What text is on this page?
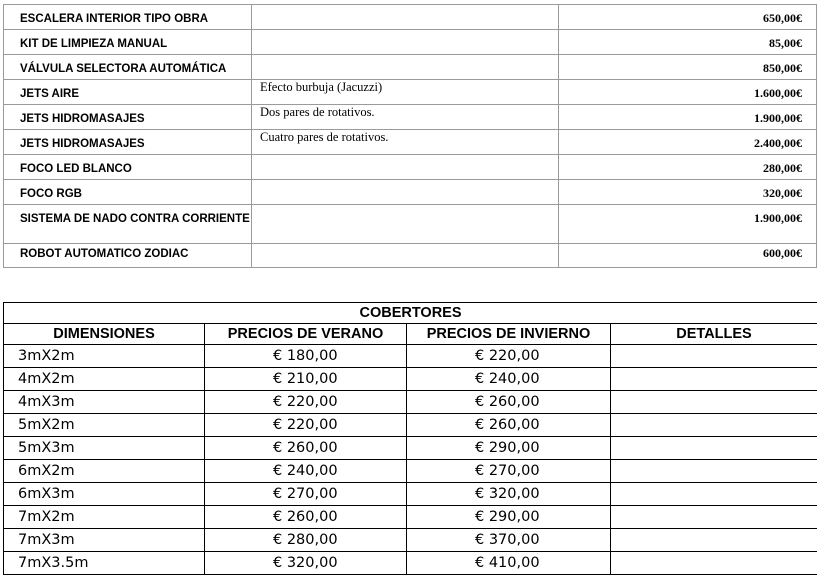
ESCALERA INTERIOR TIPO OBRA		650,00€
KIT DE LIMPIEZA MANUAL		85,00€
VÁLVULA SELECTORA AUTOMÁTICA		850,00€
JETS AIRE	Efecto burbuja (Jacuzzi)	1.600,00€
JETS HIDROMASAJES	Dos pares de rotativos.	1.900,00€
JETS HIDROMASAJES	Cuatro pares de rotativos.	2.400,00€
FOCO LED BLANCO		280,00€
FOCO RGB		320,00€
SISTEMA DE NADO CONTRA CORRIENTE		1.900,00€
ROBOT AUTOMATICO ZODIAC		600,00€
COBERTORES			
DIMENSIONES	PRECIOS DE VERANO	PRECIOS DE INVIERNO	DETALLES
3mX2m	€ 180,00	€ 220,00	
4mX2m	€ 210,00	€ 240,00	
4mX3m	€ 220,00	€ 260,00	
5mX2m	€ 220,00	€ 260,00	
5mX3m	€ 260,00	€ 290,00	
6mX2m	€ 240,00	€ 270,00	
6mX3m	€ 270,00	€ 320,00	
7mX2m	€ 260,00	€ 290,00	
7mX3m	€ 280,00	€ 370,00	
7mX3.5m	€ 320,00	€ 410,00	
